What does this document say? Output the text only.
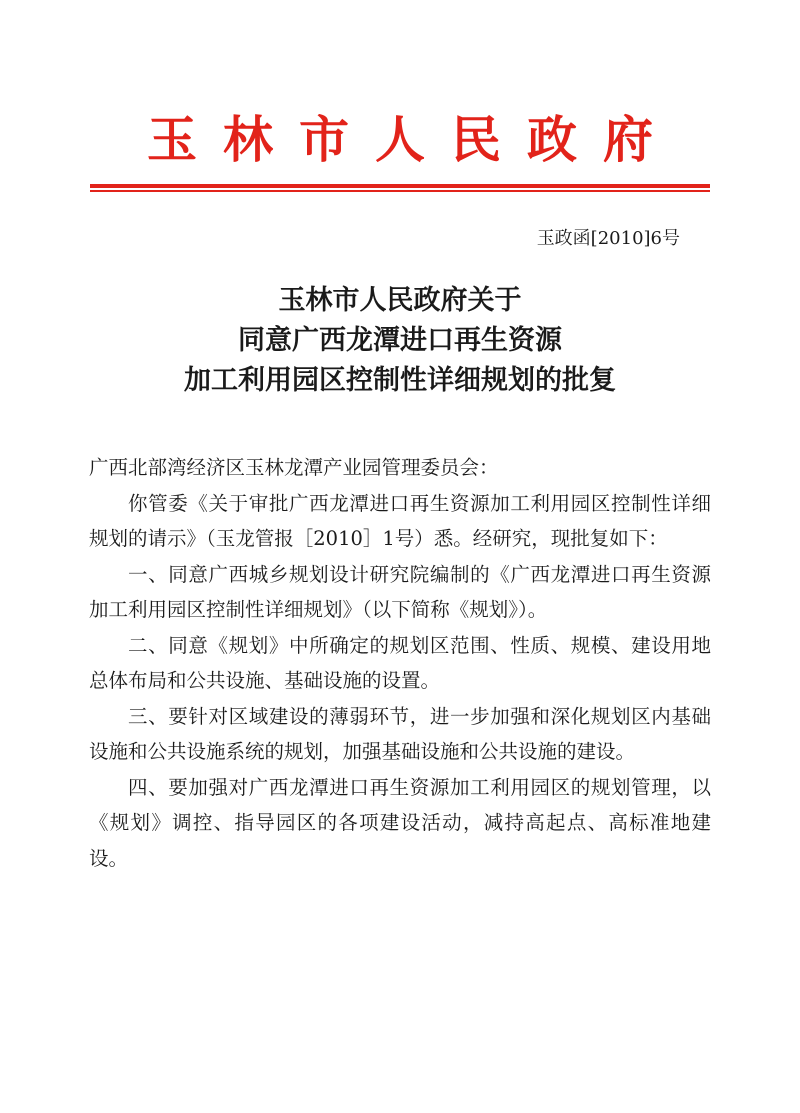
玉林市人民政府
玉政函[2010]6号
玉林市人民政府关于
同意广西龙潭进口再生资源
加工利用园区控制性详细规划的批复

广西北部湾经济区玉林龙潭产业园管理委员会：

你管委《关于审批广西龙潭进口再生资源加工利用园区控制性详细规划的请示》（玉龙管报［2010］1号）悉。经研究，现批复如下：

一、同意广西城乡规划设计研究院编制的《广西龙潭进口再生资源加工利用园区控制性详细规划》（以下简称《规划》）。

二、同意《规划》中所确定的规划区范围、性质、规模、建设用地总体布局和公共设施、基础设施的设置。

三、要针对区域建设的薄弱环节，进一步加强和深化规划区内基础设施和公共设施系统的规划，加强基础设施和公共设施的建设。

四、要加强对广西龙潭进口再生资源加工利用园区的规划管理，以《规划》调控、指导园区的各项建设活动，减持高起点、高标准地建设。
